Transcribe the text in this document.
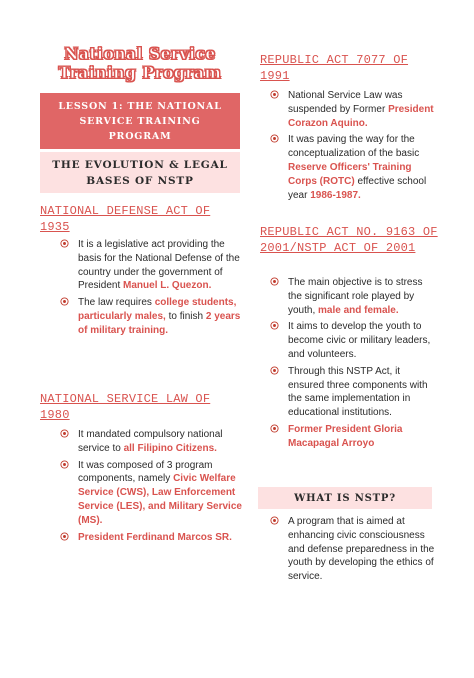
National Service Training Program
LESSON 1: THE NATIONAL SERVICE TRAINING PROGRAM
THE EVOLUTION & LEGAL BASES OF NSTP
NATIONAL DEFENSE ACT OF 1935
It is a legislative act providing the basis for the National Defense of the country under the government of President Manuel L. Quezon.
The law requires college students, particularly males, to finish 2 years of military training.
NATIONAL SERVICE LAW OF 1980
It mandated compulsory national service to all Filipino Citizens.
It was composed of 3 program components, namely Civic Welfare Service (CWS), Law Enforcement Service (LES), and Military Service (MS).
President Ferdinand Marcos SR.
REPUBLIC ACT 7077 OF 1991
National Service Law was suspended by Former President Corazon Aquino.
It was paving the way for the conceptualization of the basic Reserve Officers' Training Corps (ROTC) effective school year 1986-1987.
REPUBLIC ACT NO. 9163 OF 2001/NSTP ACT OF 2001
The main objective is to stress the significant role played by youth, male and female.
It aims to develop the youth to become civic or military leaders, and volunteers.
Through this NSTP Act, it ensured three components with the same implementation in educational institutions.
Former President Gloria Macapagal Arroyo
WHAT IS NSTP?
A program that is aimed at enhancing civic consciousness and defense preparedness in the youth by developing the ethics of service.
